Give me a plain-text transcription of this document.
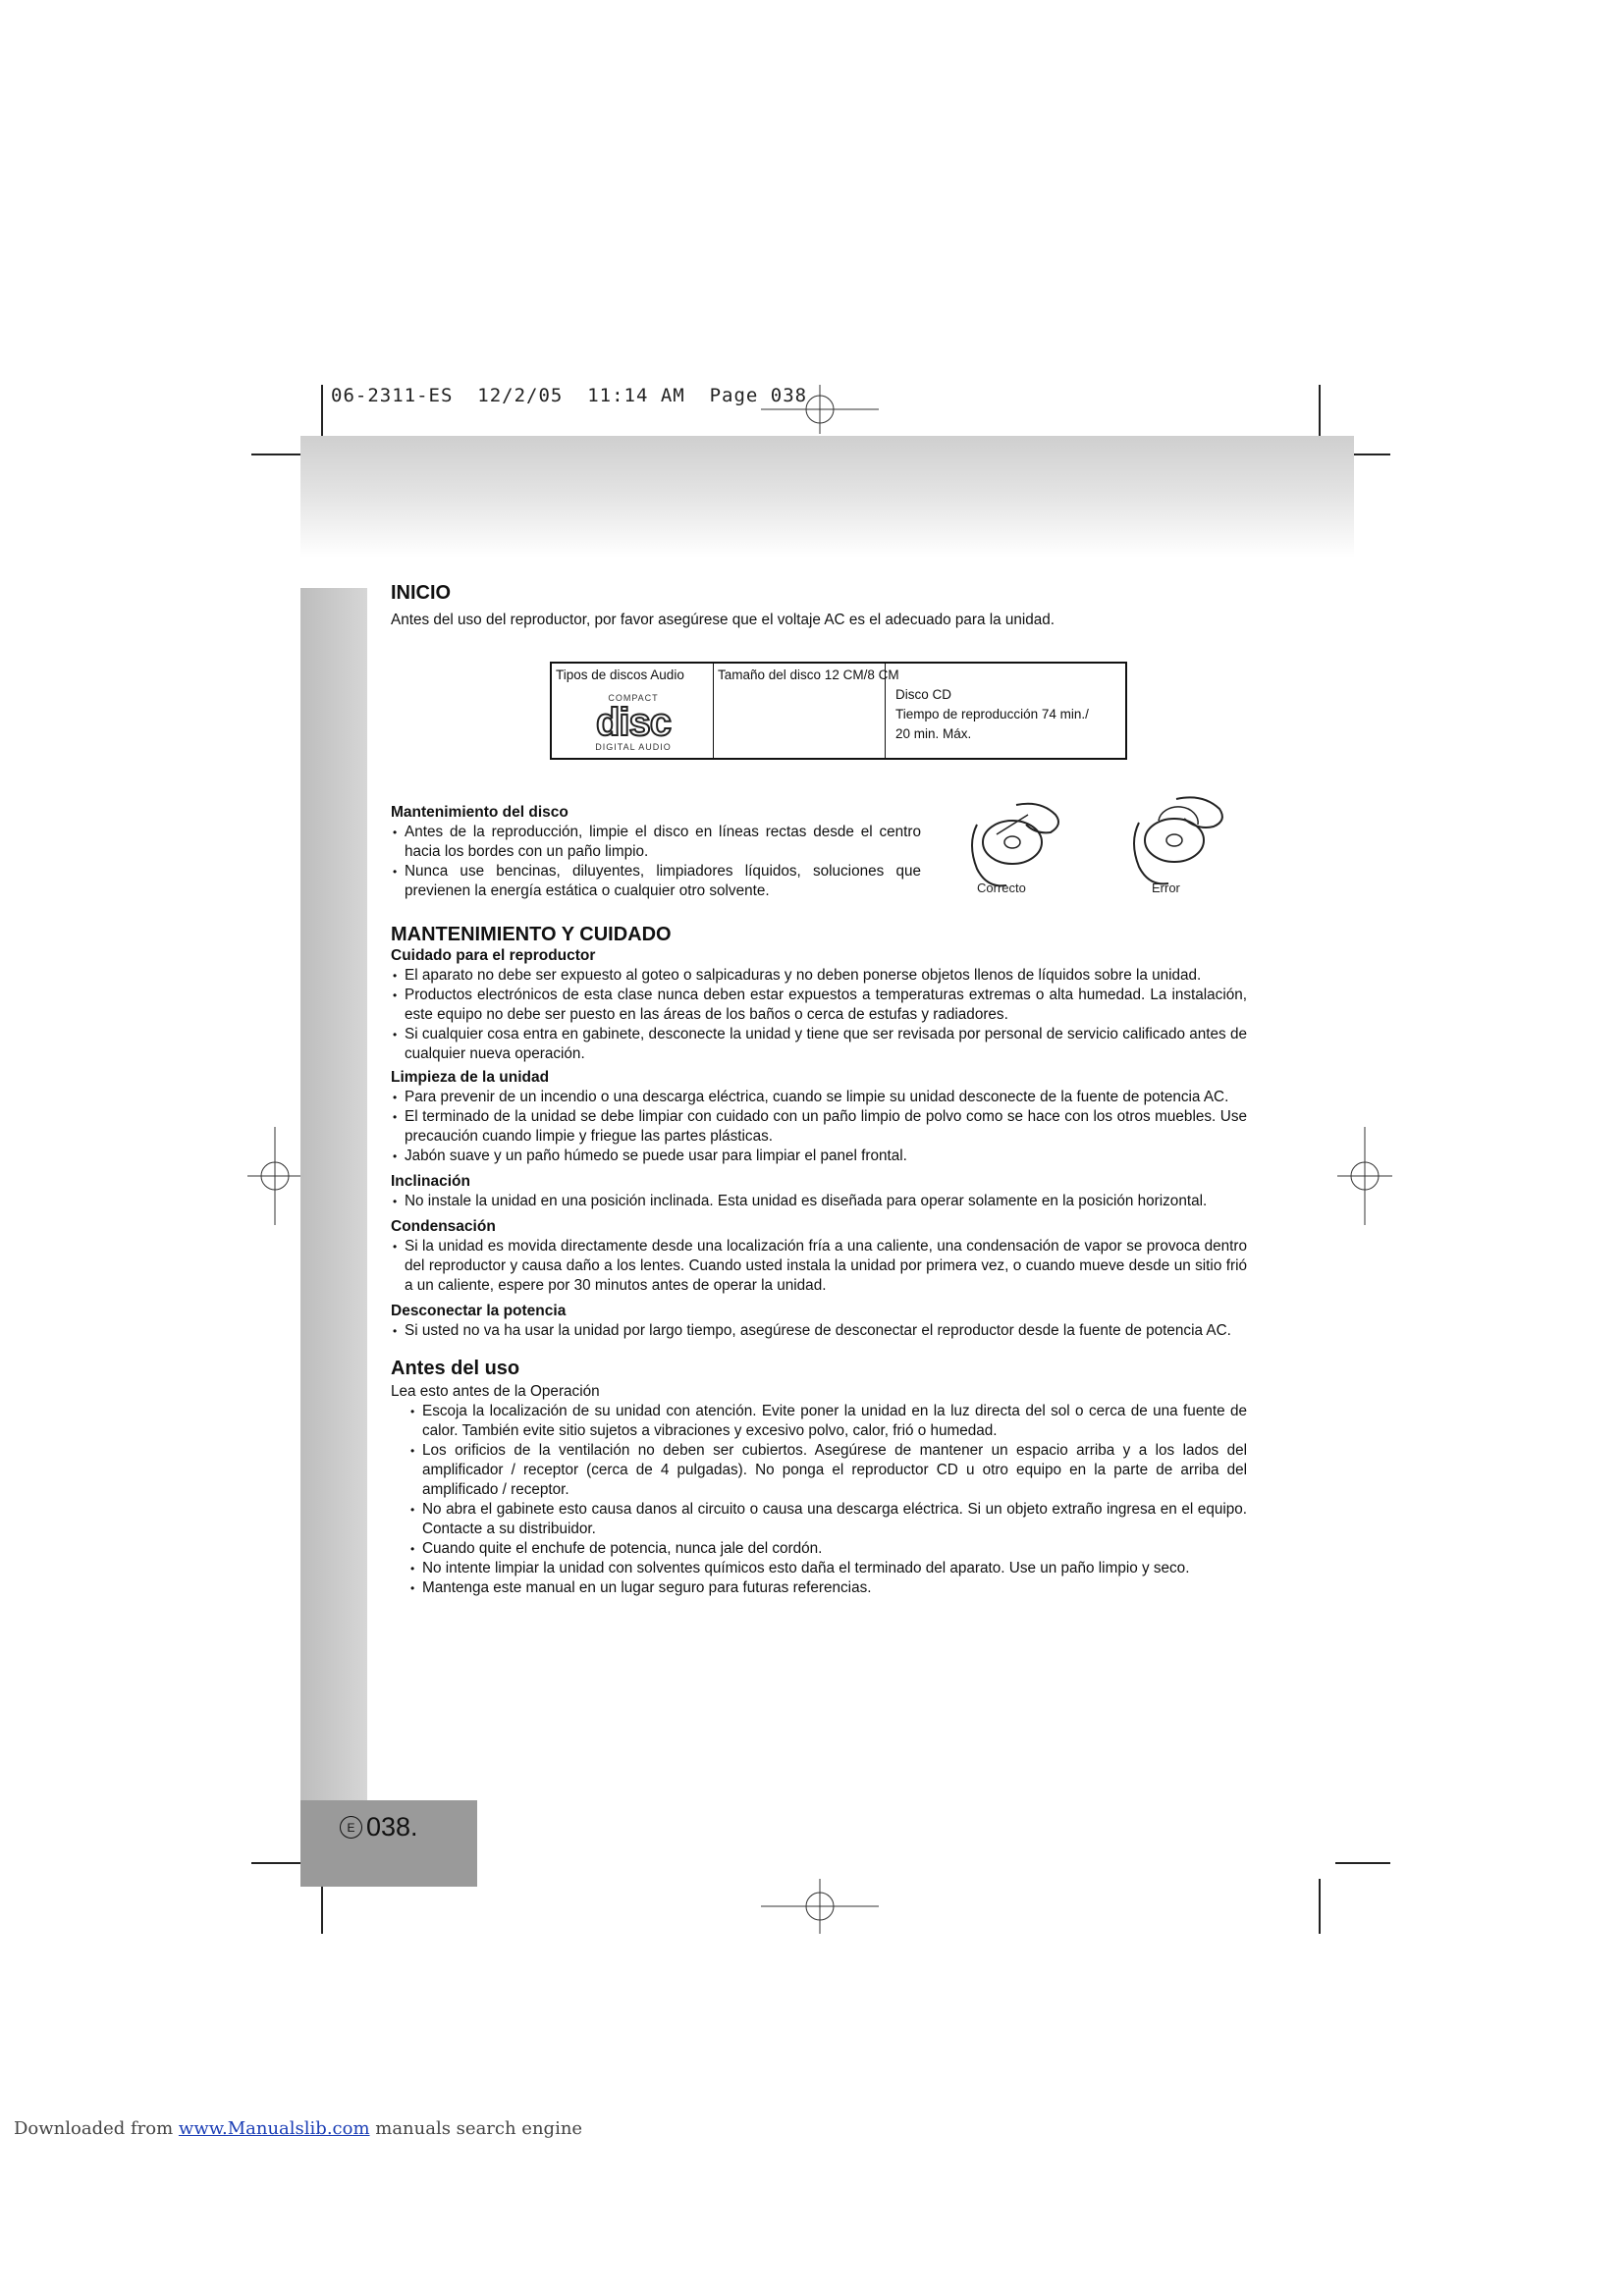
06-2311-ES  12/2/05  11:14 AM  Page 038
E 038.
Tipos de discos Audio
COMPACT
disc
DIGITAL AUDIO
Tamaño del disco 12 CM/8 CM
Disco CD
Tiempo de reproducción 74 min./
20 min. Máx.
Correcto	Error
INICIO

Antes del uso del reproductor, por favor asegúrese que el voltaje AC es el adecuado para la unidad.

Mantenimiento del disco
• Antes de la reproducción, limpie el disco en líneas rectas desde el centro hacia los bordes con un paño limpio.
• Nunca use bencinas, diluyentes, limpiadores líquidos, soluciones que previenen la energía estática o cualquier otro solvente.
MANTENIMIENTO Y CUIDADO
Cuidado para el reproductor
• El aparato no debe ser expuesto al goteo o salpicaduras y no deben ponerse objetos llenos de líquidos sobre la unidad.
• Productos electrónicos de esta clase nunca deben estar expuestos a temperaturas extremas o alta humedad. La instalación, este equipo no debe ser puesto en las áreas de los baños o cerca de estufas y radiadores.
• Si cualquier cosa entra en gabinete, desconecte la unidad y tiene que ser revisada por personal de servicio calificado antes de cualquier nueva operación.
Limpieza de la unidad
• Para prevenir de un incendio o una descarga eléctrica, cuando se limpie su unidad desconecte de la fuente de potencia AC.
• El terminado de la unidad se debe limpiar con cuidado con un paño limpio de polvo como se hace con los otros muebles. Use precaución cuando limpie y friegue las partes plásticas.
• Jabón suave y un paño húmedo se puede usar para limpiar el panel frontal.
Inclinación
• No instale la unidad en una posición inclinada. Esta unidad es diseñada para operar solamente en la posición horizontal.
Condensación
• Si la unidad es movida directamente desde una localización fría a una caliente, una condensación de vapor se provoca dentro del reproductor y causa daño a los lentes. Cuando usted instala la unidad por primera vez, o cuando mueve desde un sitio frió a un caliente, espere por 30 minutos antes de operar la unidad.
Desconectar la potencia
• Si usted no va ha usar la unidad por largo tiempo, asegúrese de desconectar el reproductor desde la fuente de potencia AC.
Antes del uso

Lea esto antes de la Operación

• Escoja la localización de su unidad con atención. Evite poner la unidad en la luz directa del sol o cerca de una fuente de calor. También evite sitio sujetos a vibraciones y excesivo polvo, calor, frió o humedad.
• Los orificios de la ventilación no deben ser cubiertos. Asegúrese de mantener un espacio arriba y a los lados del amplificador / receptor (cerca de 4 pulgadas). No ponga el reproductor CD u otro equipo en la parte de arriba del amplificado / receptor.
• No abra el gabinete esto causa danos al circuito o causa una descarga eléctrica. Si un objeto extraño ingresa en el equipo. Contacte a su distribuidor.
• Cuando quite el enchufe de potencia, nunca jale del cordón.
• No intente limpiar la unidad con solventes químicos esto daña el terminado del aparato. Use un paño limpio y seco.
• Mantenga este manual en un lugar seguro para futuras referencias.
Downloaded from www.Manualslib.com manuals search engine
